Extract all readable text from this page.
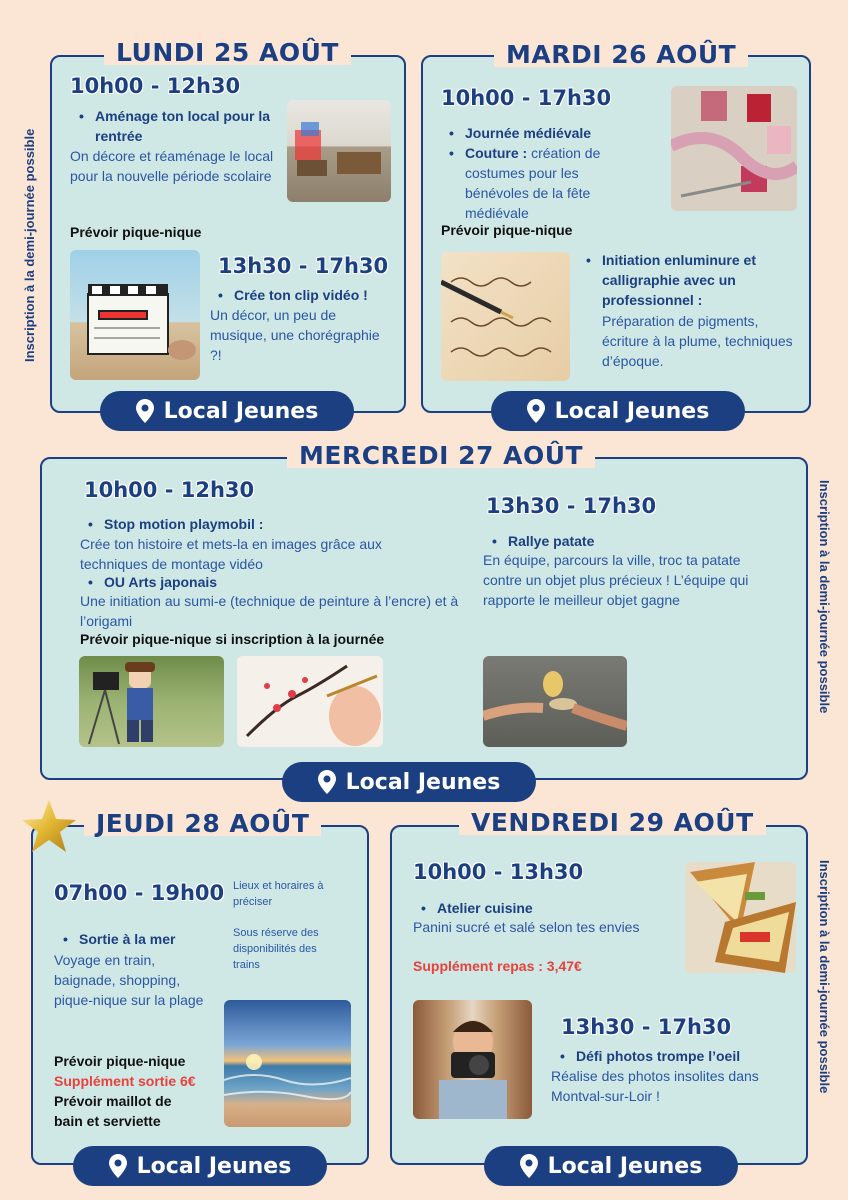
Inscription à la demi-journée possible
Inscription à la demi-journée possible
Inscription à la demi-journée possible
LUNDI 25 AOÛT
10h00 - 12h30
• Aménage ton local pour la rentrée
On décore et réaménage le local pour la nouvelle période scolaire
Prévoir pique-nique
13h30 - 17h30
• Crée ton clip vidéo !
Un décor, un peu de musique, une chorégraphie ?!
Local Jeunes
MARDI 26 AOÛT
10h00 - 17h30
• Journée médiévale
Couture : création de costumes pour les bénévoles de la fête médiévale
•
Prévoir pique-nique
• Initiation enluminure et calligraphie avec un professionnel :
Préparation de pigments, écriture à la plume, techniques d’époque.
Local Jeunes
MERCREDI 27 AOÛT
10h00 - 12h30
• Stop motion playmobil :
Crée ton histoire et mets-la en images grâce aux techniques de montage vidéo
• OU Arts japonais
Une initiation au sumi-e (technique de peinture à l’encre) et à l’origami
Prévoir pique-nique si inscription à la journée
13h30 - 17h30
• Rallye patate
En équipe, parcours la ville, troc ta patate contre un objet plus précieux ! L’équipe qui rapporte le meilleur objet gagne
Local Jeunes
JEUDI 28 AOÛT
07h00 - 19h00 Lieux et horaires à préciser
• Sortie à la mer
Voyage en train, baignade, shopping, pique-nique sur la plage
Sous réserve des disponibilités des trains
Prévoir pique-nique
Supplément sortie 6€
Prévoir maillot de bain et serviette
Local Jeunes
VENDREDI 29 AOÛT
10h00 - 13h30
• Atelier cuisine
Panini sucré et salé selon tes envies
Supplément repas : 3,47€
13h30 - 17h30
• Défi photos trompe l’oeil
Réalise des photos insolites dans Montval-sur-Loir !
Local Jeunes
